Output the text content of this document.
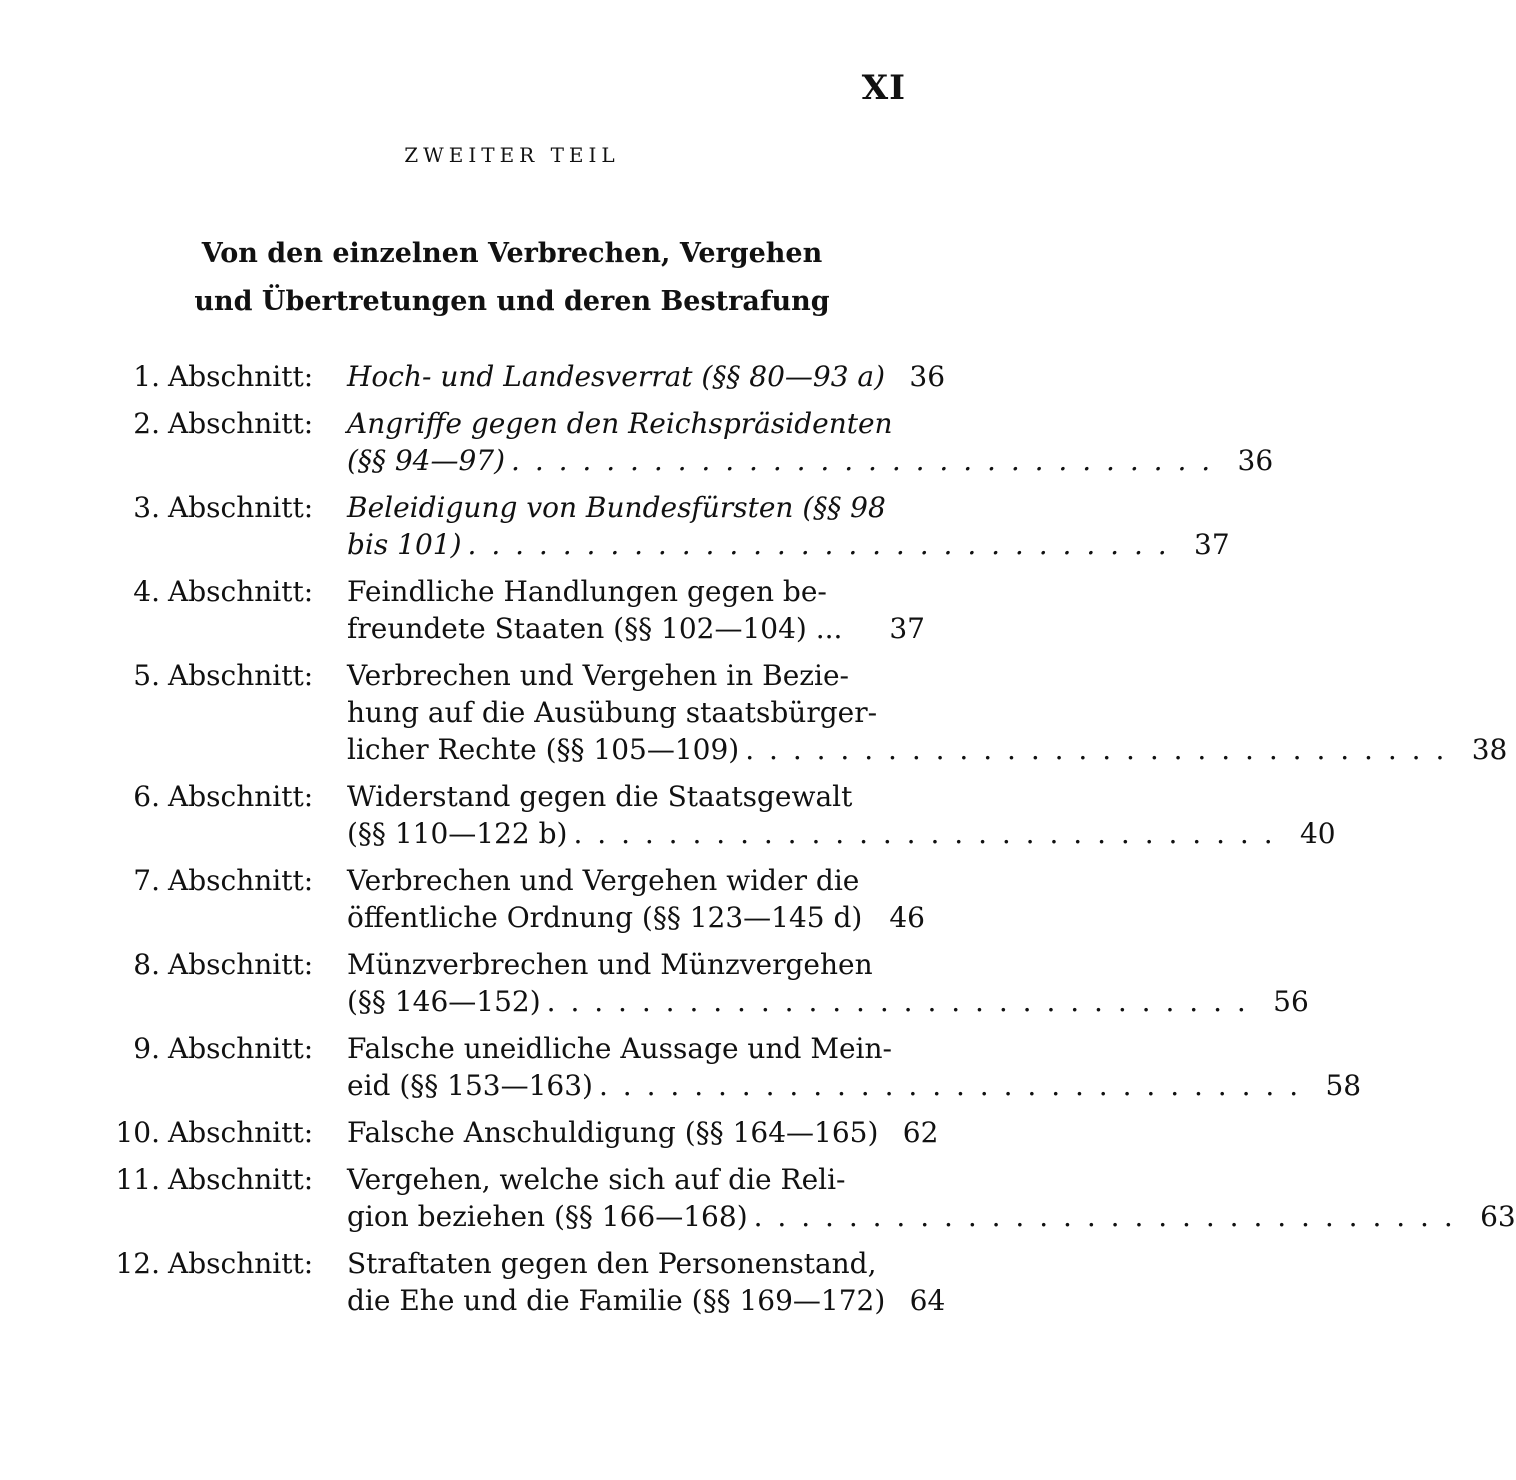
XI
ZWEITER TEIL
Von den einzelnen Verbrechen, Vergehen
und Übertretungen und deren Bestrafung
1. Abschnitt:	Hoch- und Landesverrat (§§ 80—93 a) 36
2. Abschnitt:	Angriffe gegen den Reichspräsidenten
(§§ 94—97) . . . . . . . . . . . . . . . . . . . . . . . . . . . . . . 36
3. Abschnitt:	Beleidigung von Bundesfürsten (§§ 98
bis 101) . . . . . . . . . . . . . . . . . . . . . . . . . . . . . . 37
4. Abschnitt:	Feindliche Handlungen gegen be-
freundete Staaten (§§ 102—104) ...	37
5. Abschnitt:	Verbrechen und Vergehen in Bezie-
hung auf die Ausübung staatsbürger-
licher Rechte (§§ 105—109) . . . . . . . . . . . . . . . . . . . . . . . . . . . . . . 38
6. Abschnitt:	Widerstand gegen die Staatsgewalt
(§§ 110—122 b) . . . . . . . . . . . . . . . . . . . . . . . . . . . . . . 40
7. Abschnitt:	Verbrechen und Vergehen wider die
öffentliche Ordnung (§§ 123—145 d) 46
8. Abschnitt:	Münzverbrechen und Münzvergehen
(§§ 146—152) . . . . . . . . . . . . . . . . . . . . . . . . . . . . . . 56
9. Abschnitt:	Falsche uneidliche Aussage und Mein-
eid (§§ 153—163) . . . . . . . . . . . . . . . . . . . . . . . . . . . . . . 58
10. Abschnitt:	Falsche Anschuldigung (§§ 164—165) 62
11. Abschnitt:	Vergehen, welche sich auf die Reli-
gion beziehen (§§ 166—168) . . . . . . . . . . . . . . . . . . . . . . . . . . . . . . 63
12. Abschnitt:	Straftaten gegen den Personenstand,
die Ehe und die Familie (§§ 169—172) 64
